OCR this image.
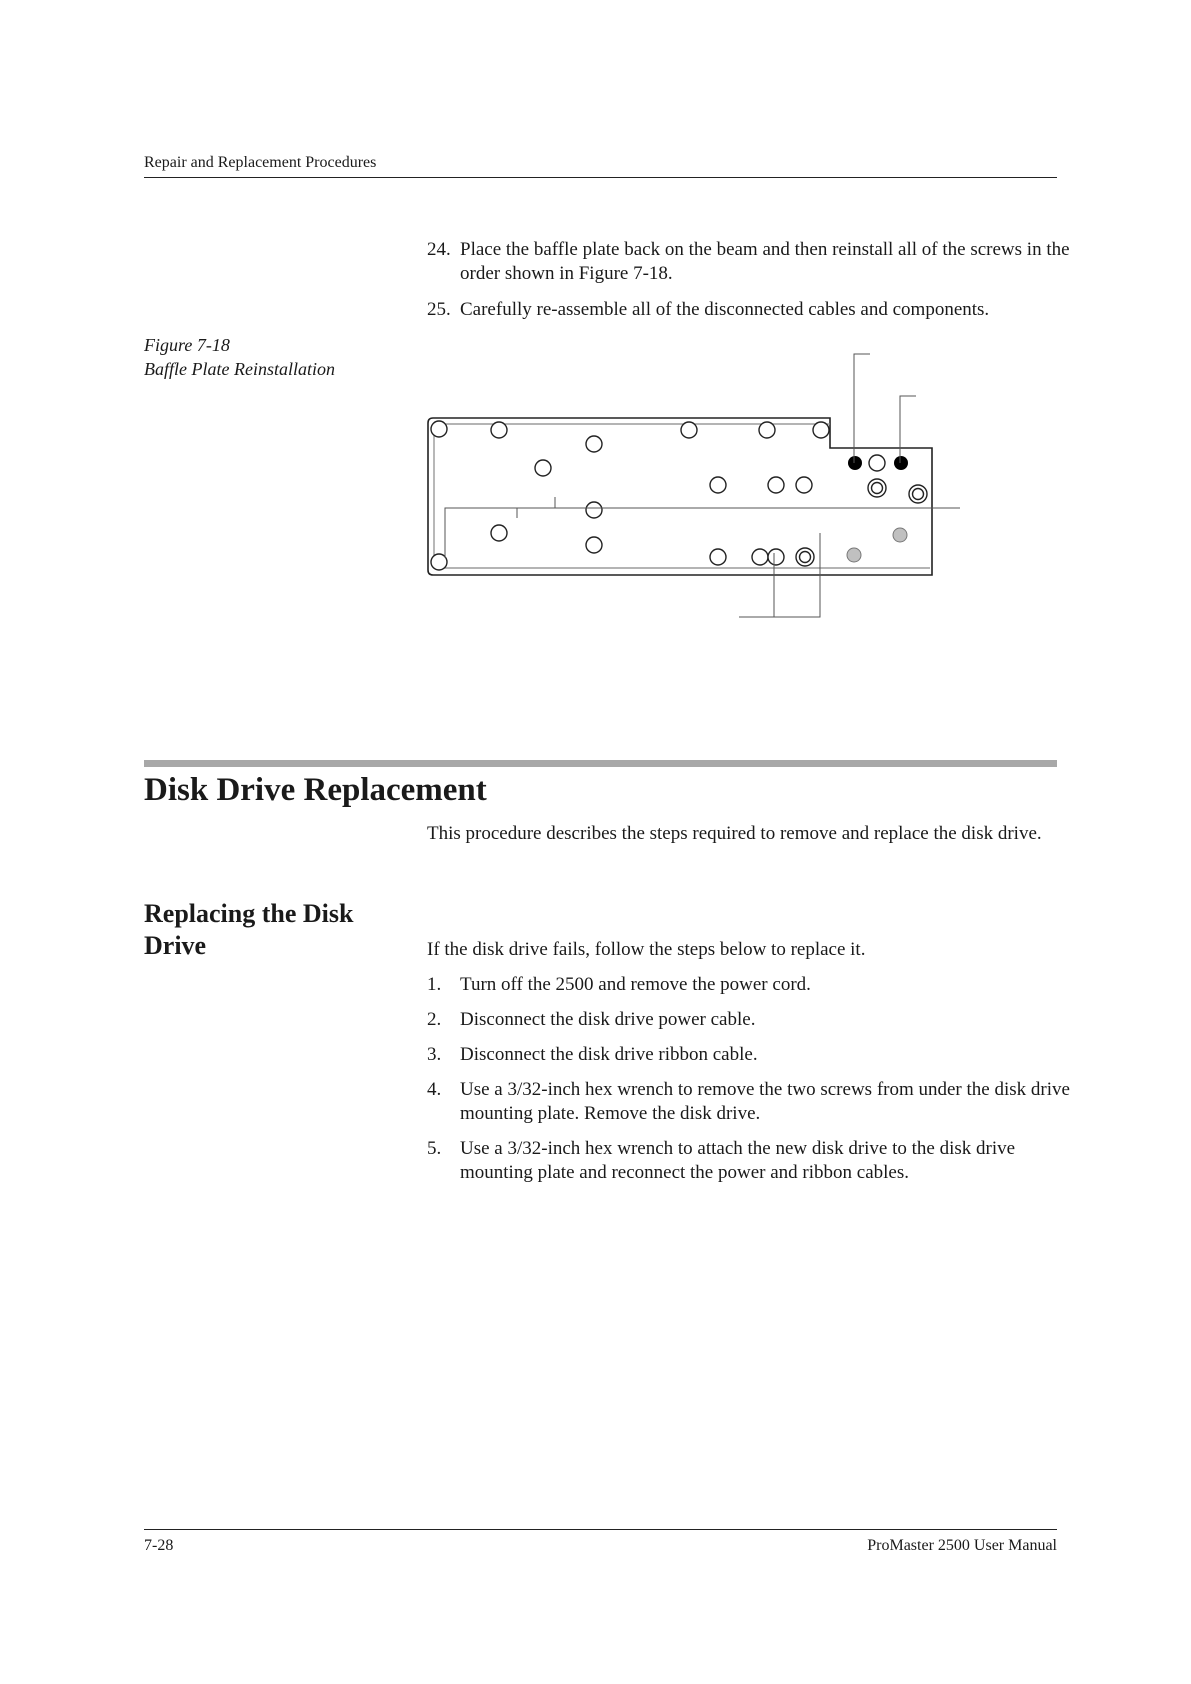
Repair and Replacement Procedures
24. Place the baffle plate back on the beam and then reinstall all of the screws in the order shown in Figure 7-18.
25. Carefully re-assemble all of the disconnected cables and components.
Figure 7-18
Baffle Plate Reinstallation
Disk Drive Replacement
This procedure describes the steps required to remove and replace the disk drive.
Replacing the Disk Drive	If the disk drive fails, follow the steps below to replace it.
1. Turn off the 2500 and remove the power cord.
2. Disconnect the disk drive power cable.
3. Disconnect the disk drive ribbon cable.
4. Use a 3/32-inch hex wrench to remove the two screws from under the disk drive mounting plate. Remove the disk drive.
5. Use a 3/32-inch hex wrench to attach the new disk drive to the disk drive mounting plate and reconnect the power and ribbon cables.
7-28	ProMaster 2500 User Manual
